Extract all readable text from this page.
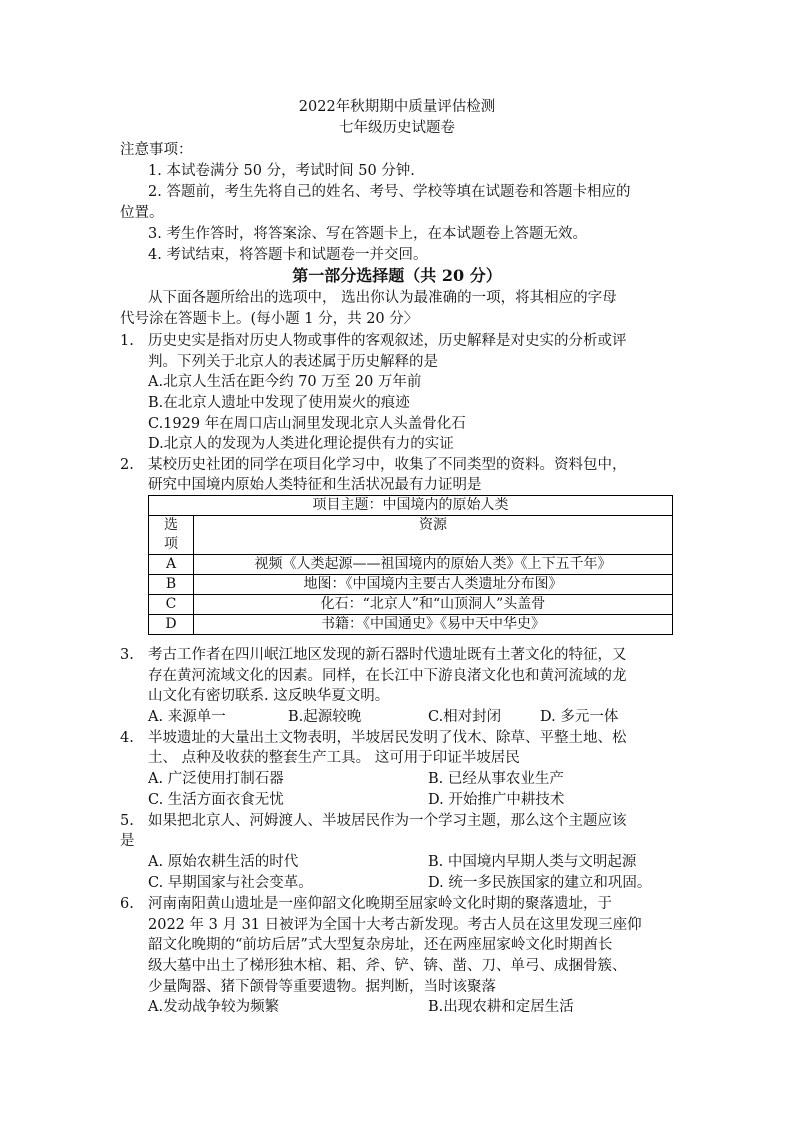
2022年秋期期中质量评估检测
七年级历史试题卷
注意事项：
1. 本试卷满分 50 分，考试时间 50 分钟.
2. 答题前，考生先将自己的姓名、考号、学校等填在试题卷和答题卡相应的
位置。
3. 考生作答时，将答案涂、写在答题卡上，在本试题卷上答题无效。
4. 考试结束，将答题卡和试题卷一并交回。
第一部分选择题（共 20 分）
从下面各题所给出的选项中， 选出你认为最准确的一项，将其相应的字母
代号涂在答题卡上。(每小题 1 分，共 20 分〉
1. 历史史实是指对历史人物或事件的客观叙述，历史解释是对史实的分析或评
判。下列关于北京人的表述属于历史解释的是
A.北京人生活在距今约 70 万至 20 万年前
B.在北京人遗址中发现了使用炭火的痕迹
C.1929 年在周口店山洞里发现北京人头盖骨化石
D.北京人的发现为人类进化理论提供有力的实证
2. 某校历史社团的同学在项目化学习中，收集了不同类型的资料。资料包中，
研究中国境内原始人类特征和生活状况最有力证明是
项目主题：中国境内的原始人类	

选
项	资源
A	视频《人类起源——祖国境内的原始人类》《上下五千年》
B	地图：《中国境内主要古人类遗址分布图》
C	化石：“北京人”和“山顶洞人”头盖骨
D	书籍：《中国通史》《易中天中华史》
3. 考古工作者在四川岷江地区发现的新石器时代遗址既有土著文化的特征，又
存在黄河流域文化的因素。同样，在长江中下游良渚文化也和黄河流域的龙
山文化有密切联系. 这反映华夏文明。
A. 来源单一	B.起源较晚	C.相对封闭	D. 多元一体
4. 半坡遗址的大量出土文物表明，半坡居民发明了伐木、除草、平整土地、松
土、 点种及收获的整套生产工具。 这可用于印证半坡居民
A. 广泛使用打制石器	B. 已经从事农业生产
C. 生活方面衣食无忧	D. 开始推广中耕技术
5. 如果把北京人、河姆渡人、半坡居民作为一个学习主题，那么这个主题应该
是
A. 原始农耕生活的时代	B. 中国境内早期人类与文明起源
C. 早期国家与社会变革。	D. 统一多民族国家的建立和巩固。
6. 河南南阳黄山遗址是一座仰韶文化晚期至屈家岭文化时期的聚落遗址，于
2022 年 3 月 31 日被评为全国十大考古新发现。考古人员在这里发现三座仰
韶文化晚期的“前坊后居”式大型复杂房址，还在两座屈家岭文化时期酋长
级大墓中出土了梯形独木棺、耜、斧、铲、锛、凿、刀、单弓、成捆骨簇、
少量陶器、猪下颌骨等重要遗物。据判断，当时该聚落
A.发动战争较为频繁	B.出现农耕和定居生活
